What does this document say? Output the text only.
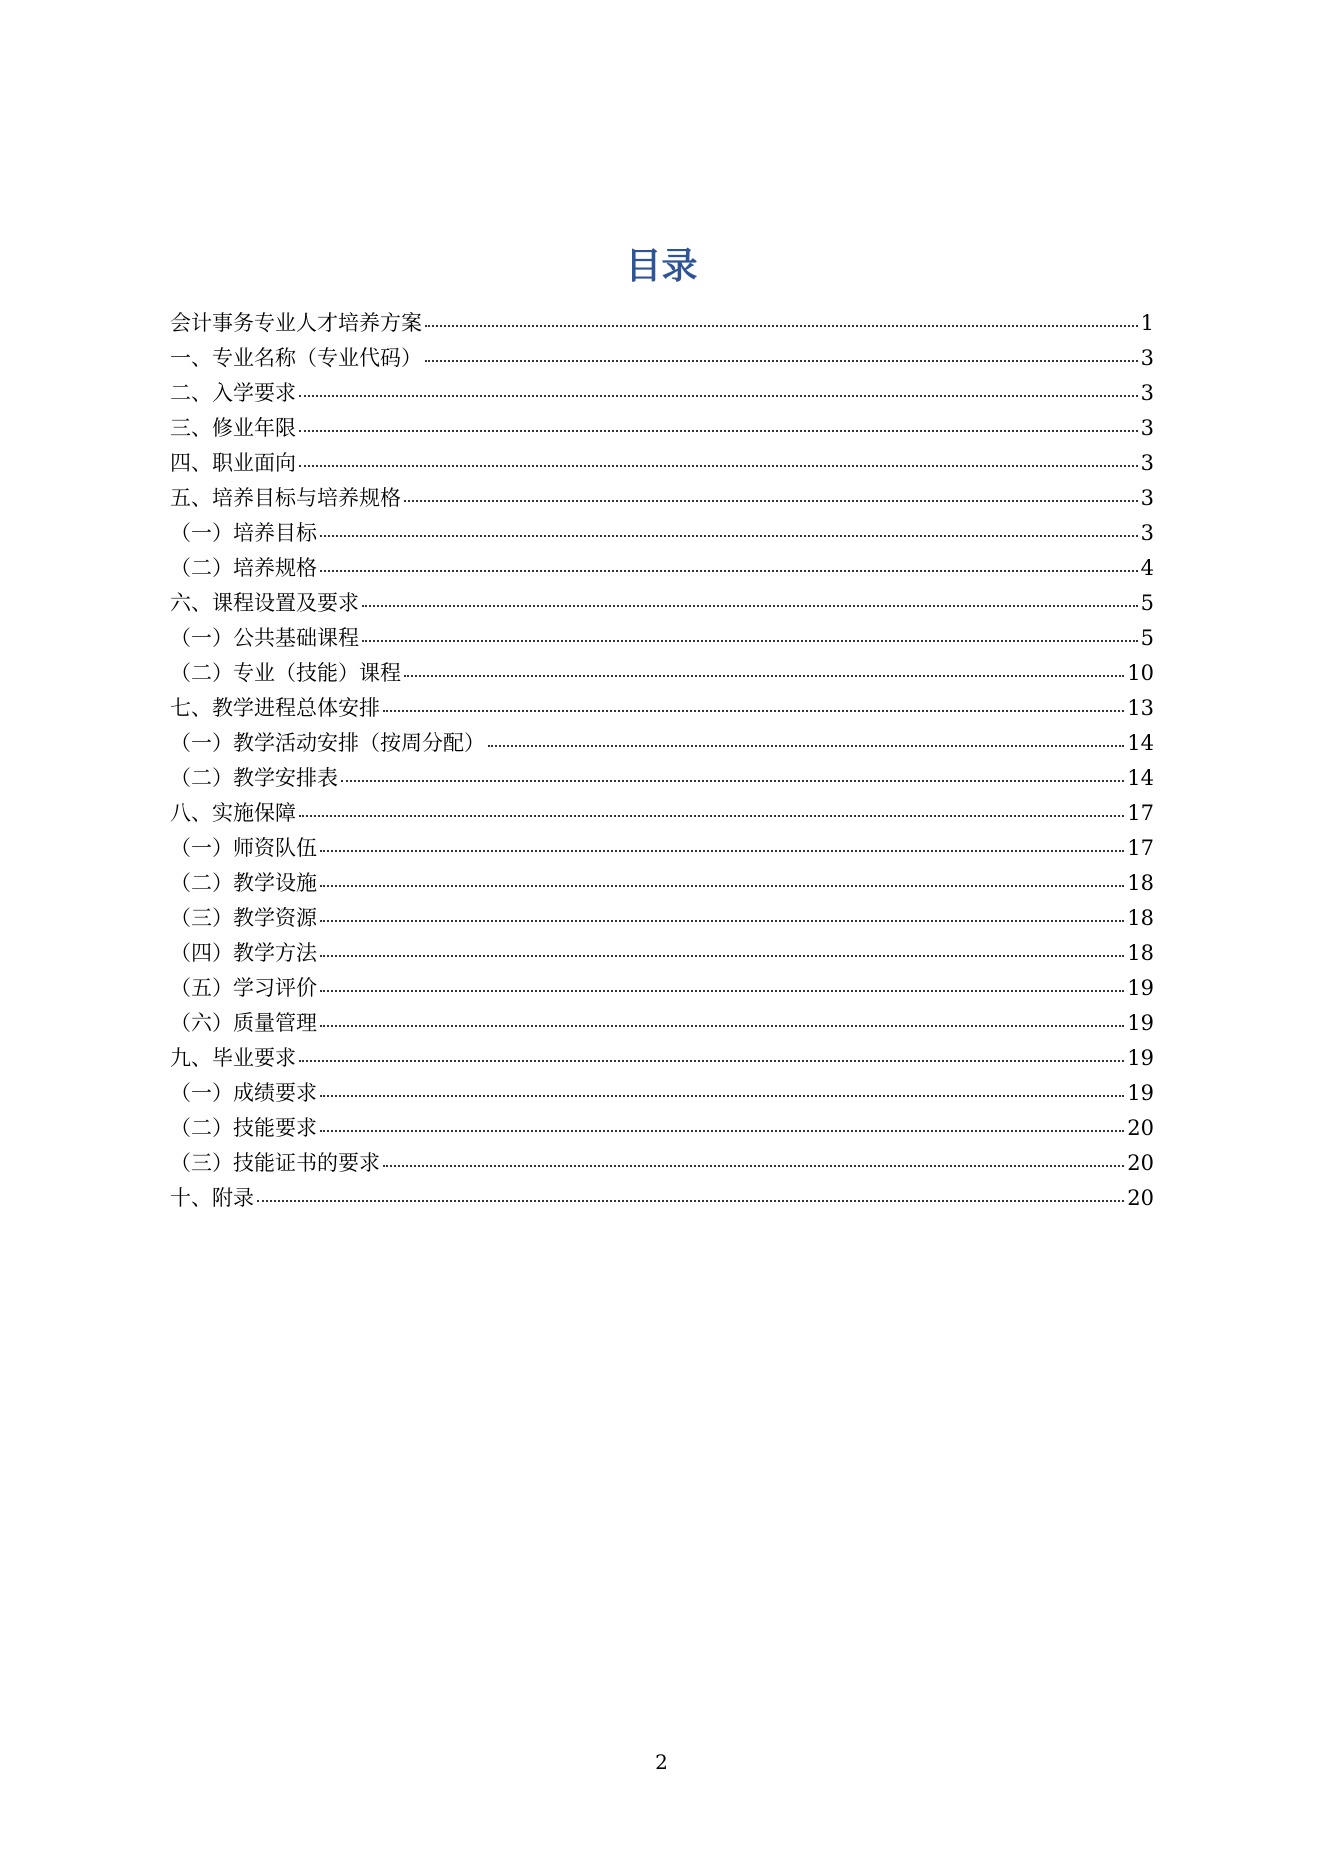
目录
会计事务专业人才培养方案	1
一、专业名称（专业代码）	3
二、入学要求	3
三、修业年限	3
四、职业面向	3
五、培养目标与培养规格	3
（一）培养目标	3
（二）培养规格	4
六、课程设置及要求	5
（一）公共基础课程	5
（二）专业（技能）课程	10
七、教学进程总体安排	13
（一）教学活动安排（按周分配）	14
（二）教学安排表	14
八、实施保障	17
（一）师资队伍	17
（二）教学设施	18
（三）教学资源	18
（四）教学方法	18
（五）学习评价	19
（六）质量管理	19
九、毕业要求	19
（一）成绩要求	19
（二）技能要求	20
（三）技能证书的要求	20
十、附录	20
2
